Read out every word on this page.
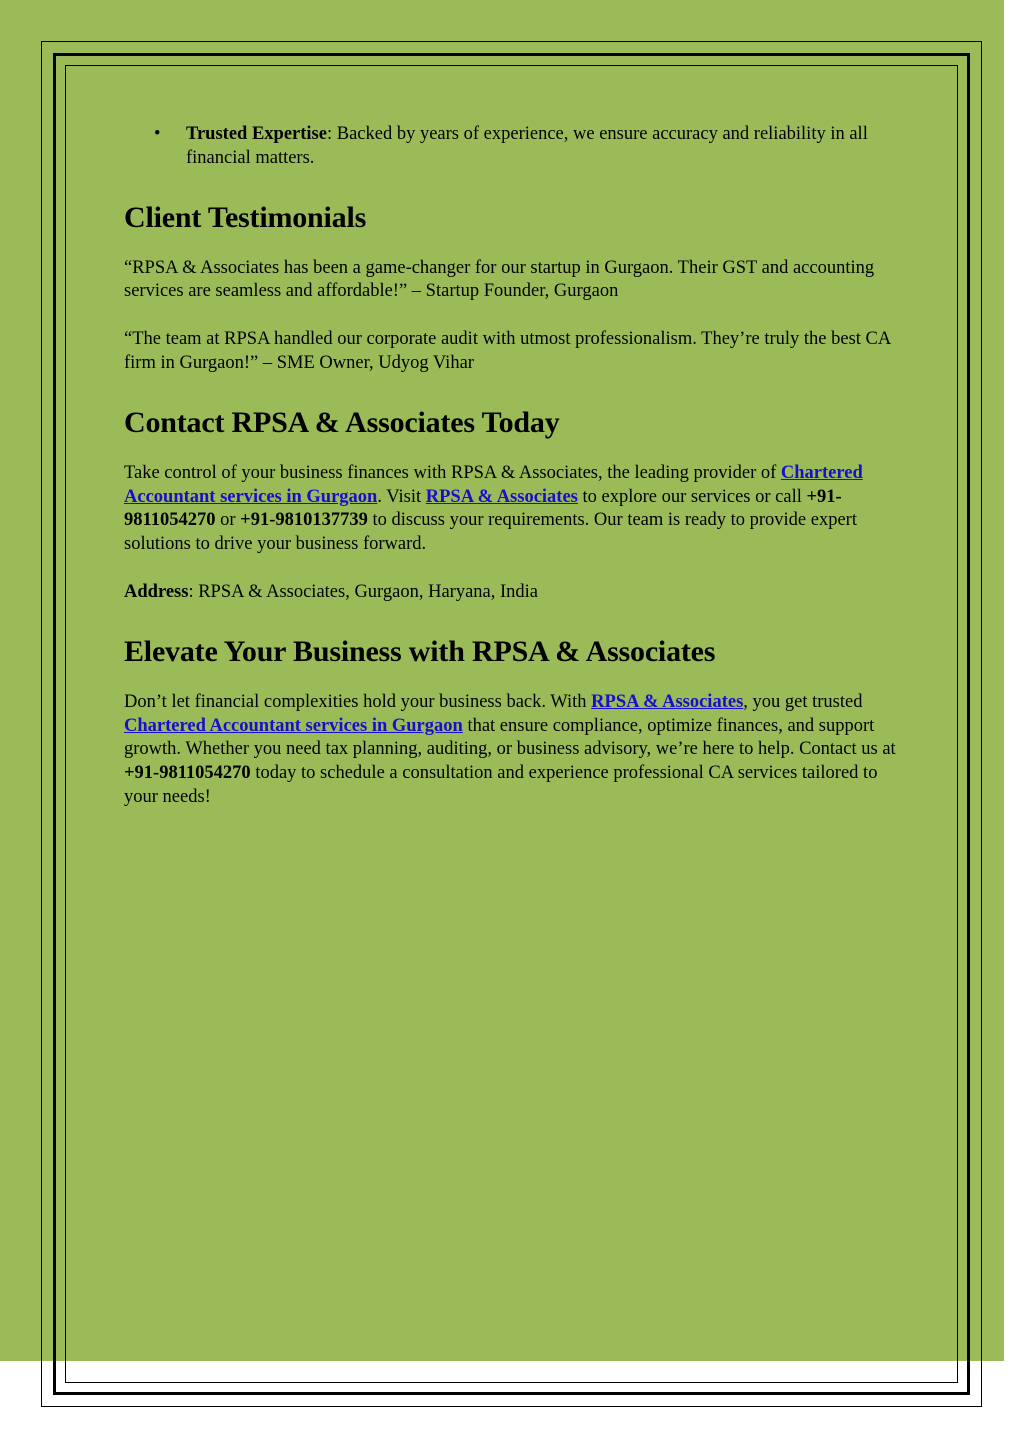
• Trusted Expertise: Backed by years of experience, we ensure accuracy and reliability in all financial matters.

Client Testimonials

“RPSA & Associates has been a game-changer for our startup in Gurgaon. Their GST and accounting services are seamless and affordable!” – Startup Founder, Gurgaon

“The team at RPSA handled our corporate audit with utmost professionalism. They’re truly the best CA firm in Gurgaon!” – SME Owner, Udyog Vihar

Contact RPSA & Associates Today

Take control of your business finances with RPSA & Associates, the leading provider of Chartered Accountant services in Gurgaon. Visit RPSA & Associates to explore our services or call +91-9811054270 or +91-9810137739 to discuss your requirements. Our team is ready to provide expert solutions to drive your business forward.

Address: RPSA & Associates, Gurgaon, Haryana, India

Elevate Your Business with RPSA & Associates

Don’t let financial complexities hold your business back. With RPSA & Associates, you get trusted Chartered Accountant services in Gurgaon that ensure compliance, optimize finances, and support growth. Whether you need tax planning, auditing, or business advisory, we’re here to help. Contact us at +91-9811054270 today to schedule a consultation and experience professional CA services tailored to your needs!
